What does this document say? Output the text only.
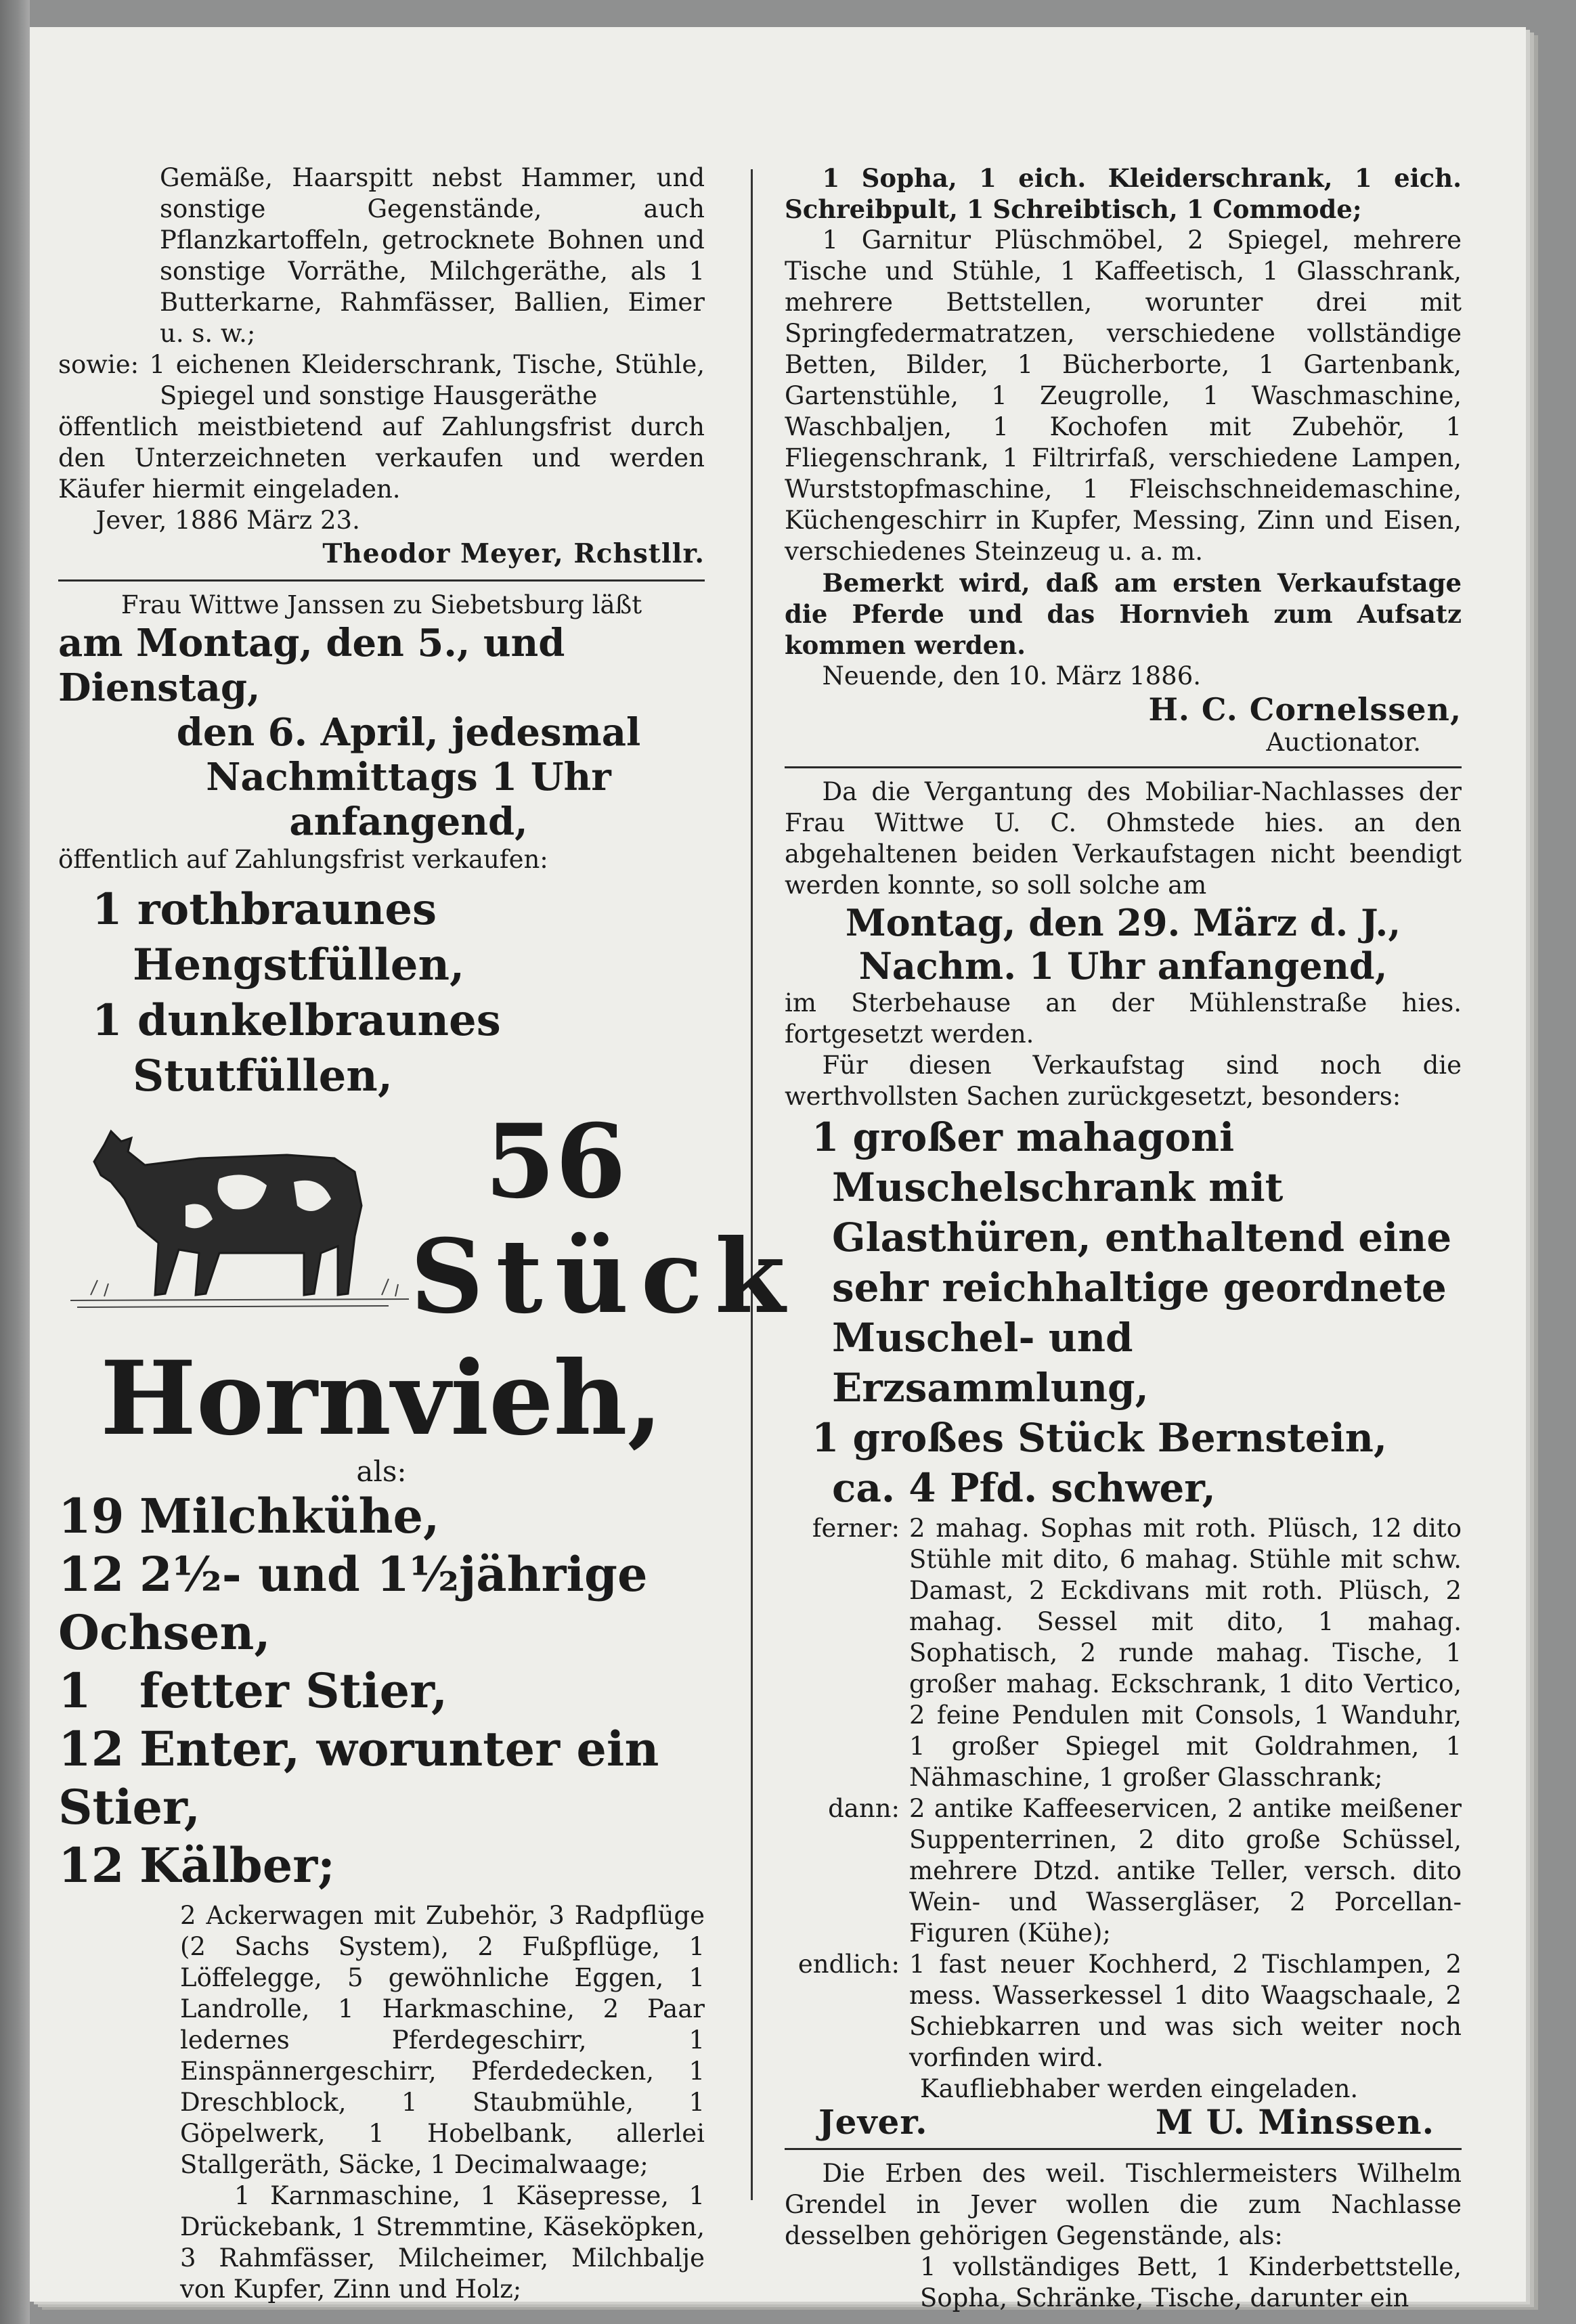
Gemäße, Haarspitt nebst Hammer, und sonstige Gegenstände, auch Pflanzkartoffeln, getrocknete Bohnen und sonstige Vorräthe, Milchgeräthe, als 1 Butterkarne, Rahmfässer, Ballien, Eimer u. s. w.;

sowie: 1 eichenen Kleiderschrank, Tische, Stühle, Spiegel und sonstige Hausgeräthe

öffentlich meistbietend auf Zahlungsfrist durch den Unterzeichneten verkaufen und werden Käufer hiermit eingeladen.

Jever, 1886 März 23.

Theodor Meyer, Rchstllr.

Frau Wittwe Janssen zu Siebetsburg läßt

am Montag, den 5., und Dienstag,

den 6. April, jedesmal Nachmittags 1 Uhr anfangend,

öffentlich auf Zahlungsfrist verkaufen:

1 rothbraunes Hengstfüllen,

1 dunkelbraunes Stutfüllen,

56
Stück

Hornvieh,

als:

19 Milchkühe,
12 2½- und 1½jährige Ochsen,
1 fetter Stier,
12 Enter, worunter ein Stier,
12 Kälber;

2 Ackerwagen mit Zubehör, 3 Radpflüge (2 Sachs System), 2 Fußpflüge, 1 Löffelegge, 5 gewöhnliche Eggen, 1 Landrolle, 1 Harkmaschine, 2 Paar ledernes Pferdegeschirr, 1 Einspännergeschirr, Pferdedecken, 1 Dreschblock, 1 Staubmühle, 1 Göpelwerk, 1 Hobelbank, allerlei Stallgeräth, Säcke, 1 Decimalwaage;

1 Karnmaschine, 1 Käsepresse, 1 Drückebank, 1 Stremmtine, Käseköpken, 3 Rahmfässer, Milcheimer, Milchbalje von Kupfer, Zinn und Holz;

1 Sopha, 1 eich. Kleiderschrank, 1 eich. Schreibpult, 1 Schreibtisch, 1 Commode;

1 Garnitur Plüschmöbel, 2 Spiegel, mehrere Tische und Stühle, 1 Kaffeetisch, 1 Glasschrank, mehrere Bettstellen, worunter drei mit Springfedermatratzen, verschiedene vollständige Betten, Bilder, 1 Bücherborte, 1 Gartenbank, Gartenstühle, 1 Zeugrolle, 1 Waschmaschine, Waschbaljen, 1 Kochofen mit Zubehör, 1 Fliegenschrank, 1 Filtrirfaß, verschiedene Lampen, Wurststopfmaschine, 1 Fleischschneidemaschine, Küchengeschirr in Kupfer, Messing, Zinn und Eisen, verschiedenes Steinzeug u. a. m.

Bemerkt wird, daß am ersten Verkaufstage die Pferde und das Hornvieh zum Aufsatz kommen werden.

Neuende, den 10. März 1886.

H. C. Cornelssen,

Auctionator.

Da die Vergantung des Mobiliar-Nachlasses der Frau Wittwe U. C. Ohmstede hies. an den abgehaltenen beiden Verkaufstagen nicht beendigt werden konnte, so soll solche am

Montag, den 29. März d. J.,

Nachm. 1 Uhr anfangend,

im Sterbehause an der Mühlenstraße hies. fortgesetzt werden.

Für diesen Verkaufstag sind noch die werthvollsten Sachen zurückgesetzt, besonders:

1 großer mahagoni Muschelschrank mit Glasthüren, enthaltend eine sehr reichhaltige geordnete Muschel- und Erzsammlung,

1 großes Stück Bernstein, ca. 4 Pfd. schwer,

ferner: 2 mahag. Sophas mit roth. Plüsch, 12 dito Stühle mit dito, 6 mahag. Stühle mit schw. Damast, 2 Eckdivans mit roth. Plüsch, 2 mahag. Sessel mit dito, 1 mahag. Sophatisch, 2 runde mahag. Tische, 1 großer mahag. Eckschrank, 1 dito Vertico, 2 feine Pendulen mit Consols, 1 Wanduhr, 1 großer Spiegel mit Goldrahmen, 1 Nähmaschine, 1 großer Glasschrank;

dann: 2 antike Kaffeeservicen, 2 antike meißener Suppenterrinen, 2 dito große Schüssel, mehrere Dtzd. antike Teller, versch. dito Wein- und Wassergläser, 2 Porcellan-Figuren (Kühe);

endlich: 1 fast neuer Kochherd, 2 Tischlampen, 2 mess. Wasserkessel 1 dito Waagschaale, 2 Schiebkarren und was sich weiter noch vorfinden wird.

Kaufliebhaber werden eingeladen.

Jever.	M U. Minssen.

Die Erben des weil. Tischlermeisters Wilhelm Grendel in Jever wollen die zum Nachlasse desselben gehörigen Gegenstände, als:

1 vollständiges Bett, 1 Kinderbettstelle, Sopha, Schränke, Tische, darunter ein
